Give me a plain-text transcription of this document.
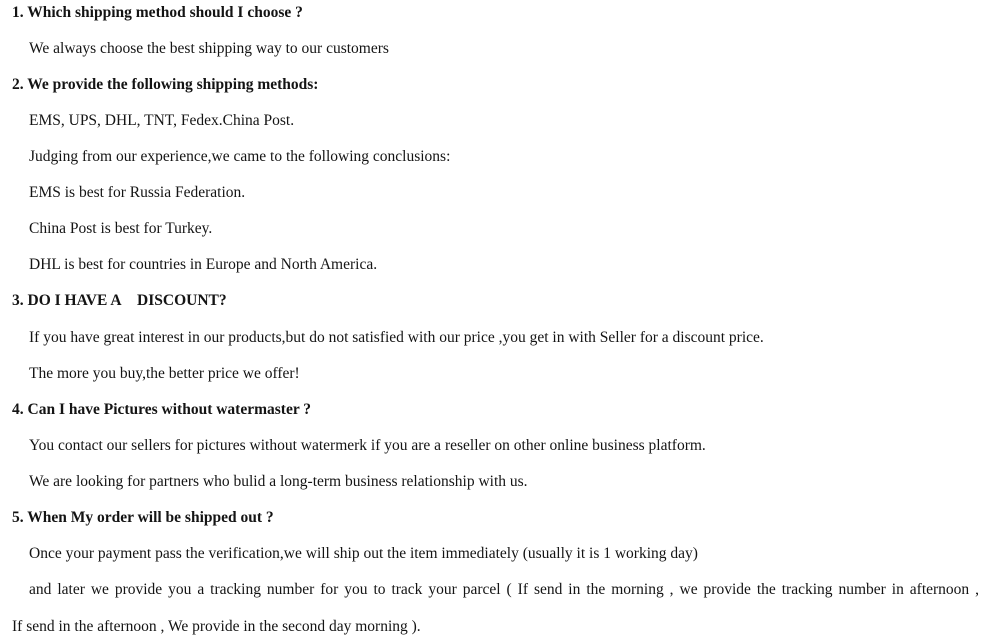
1. Which shipping method should I choose ?
We always choose the best shipping way to our customers
2. We provide the following shipping methods:
EMS, UPS, DHL, TNT, Fedex.China Post.
Judging from our experience,we came to the following conclusions:
EMS is best for Russia Federation.
China Post is best for Turkey.
DHL is best for countries in Europe and North America.
3. DO I HAVE A    DISCOUNT?
If you have great interest in our products,but do not satisfied with our price ,you get in with Seller for a discount price.
The more you buy,the better price we offer!
4. Can I have Pictures without watermaster ?
You contact our sellers for pictures without watermerk if you are a reseller on other online business platform.
We are looking for partners who bulid a long-term business relationship with us.
5. When My order will be shipped out ?
Once your payment pass the verification,we will ship out the item immediately (usually it is 1 working day)
and later we provide you a tracking number for you to track your parcel ( If send in the morning , we provide the tracking number in afternoon ,
If send in the afternoon , We provide in the second day morning ).
